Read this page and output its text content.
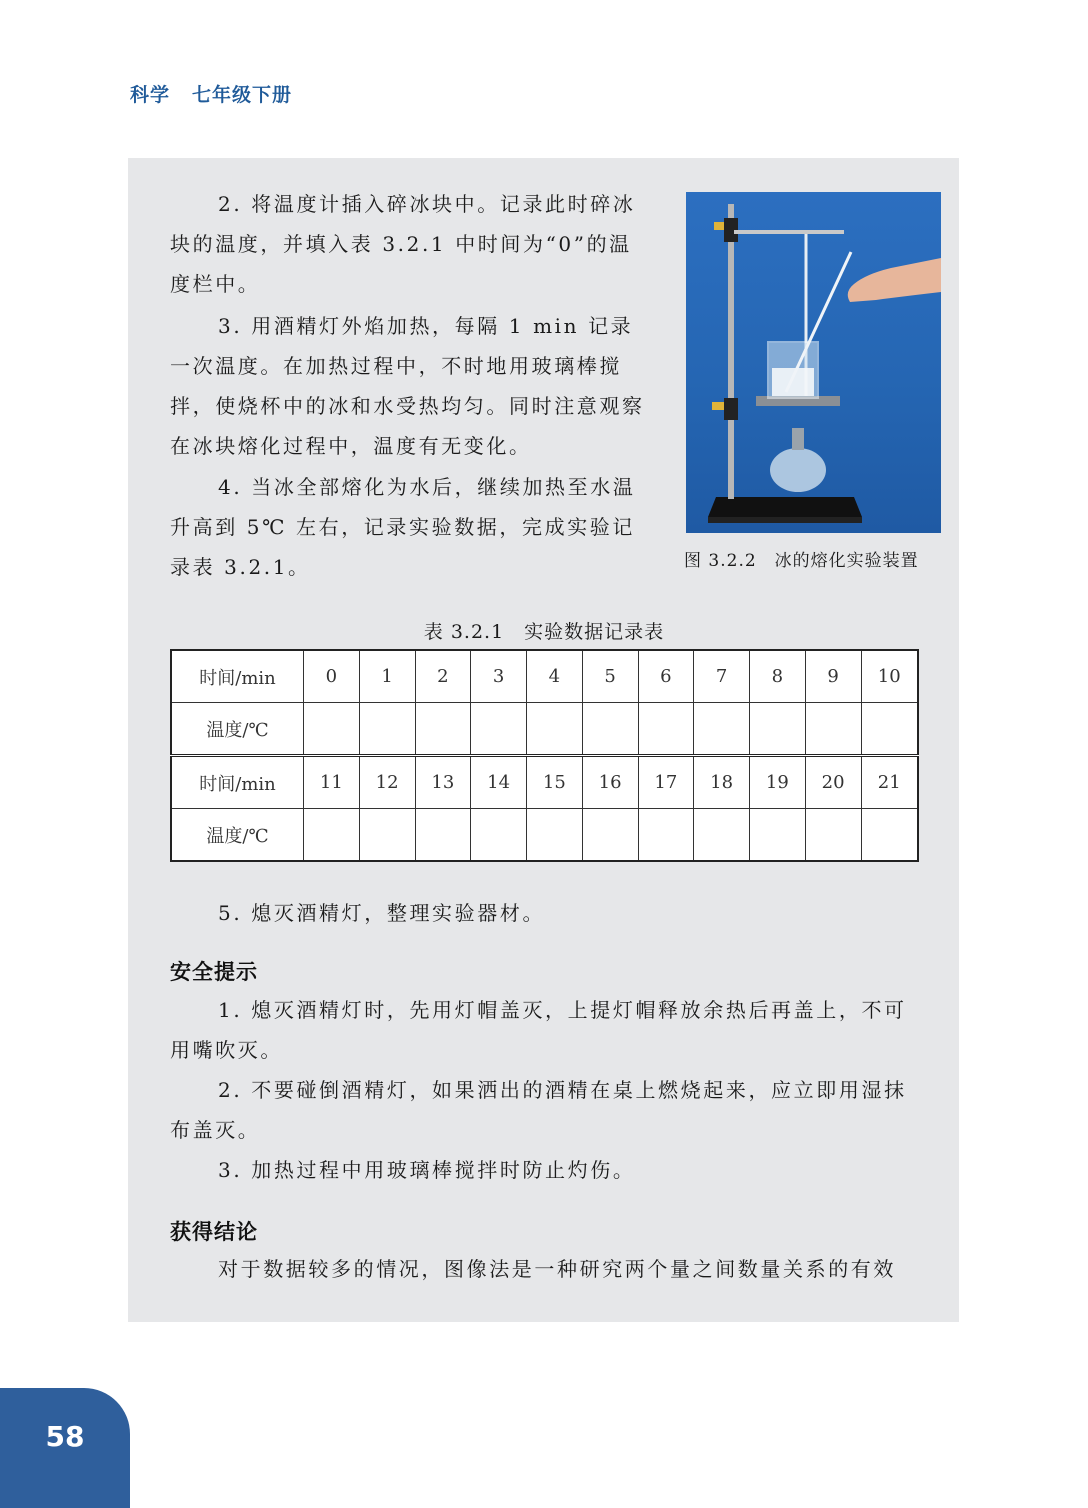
科学 七年级下册

2. 将温度计插入碎冰块中。记录此时碎冰块的温度，并填入表 3.2.1 中时间为“0”的温度栏中。

3. 用酒精灯外焰加热，每隔 1 min 记录一次温度。在加热过程中，不时地用玻璃棒搅拌，使烧杯中的冰和水受热均匀。同时注意观察在冰块熔化过程中，温度有无变化。

4. 当冰全部熔化为水后，继续加热至水温升高到 5℃ 左右，记录实验数据，完成实验记录表 3.2.1。	图 3.2.2　冰的熔化实验装置
表 3.2.1　实验数据记录表
时间/min	0	1	2	3	4	5	6	7	8	9	10
温度/℃											
时间/min	11	12	13	14	15	16	17	18	19	20	21
温度/℃											

5. 熄灭酒精灯，整理实验器材。

安全提示

1. 熄灭酒精灯时，先用灯帽盖灭，上提灯帽释放余热后再盖上，不可用嘴吹灭。

2. 不要碰倒酒精灯，如果洒出的酒精在桌上燃烧起来，应立即用湿抹布盖灭。

3. 加热过程中用玻璃棒搅拌时防止灼伤。

获得结论

对于数据较多的情况，图像法是一种研究两个量之间数量关系的有效

58
